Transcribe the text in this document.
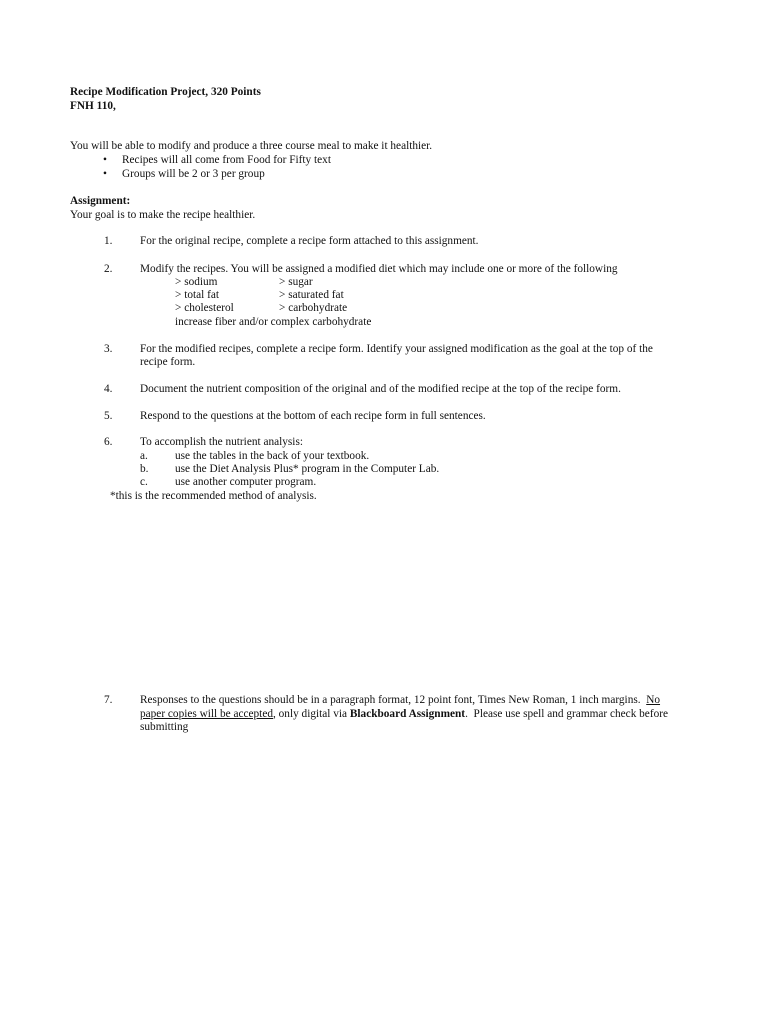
Recipe Modification Project, 320 Points
FNH 110,
You will be able to modify and produce a three course meal to make it healthier.
• Recipes will all come from Food for Fifty text
• Groups will be 2 or 3 per group
Assignment:
Your goal is to make the recipe healthier.
1. For the original recipe, complete a recipe form attached to this assignment.
2. Modify the recipes. You will be assigned a modified diet which may include one or more of the following
> sodium	> sugar
> total fat	> saturated fat
> cholesterol	> carbohydrate
increase fiber and/or complex carbohydrate
3. For the modified recipes, complete a recipe form. Identify your assigned modification as the goal at the top of the
recipe form.
4. Document the nutrient composition of the original and of the modified recipe at the top of the recipe form.
5. Respond to the questions at the bottom of each recipe form in full sentences.
6. To accomplish the nutrient analysis:
a. use the tables in the back of your textbook.
b. use the Diet Analysis Plus* program in the Computer Lab.
c. use another computer program.
*this is the recommended method of analysis.
7. Responses to the questions should be in a paragraph format, 12 point font, Times New Roman, 1 inch margins.  No
paper copies will be accepted, only digital via Blackboard Assignment.  Please use spell and grammar check before
submitting
